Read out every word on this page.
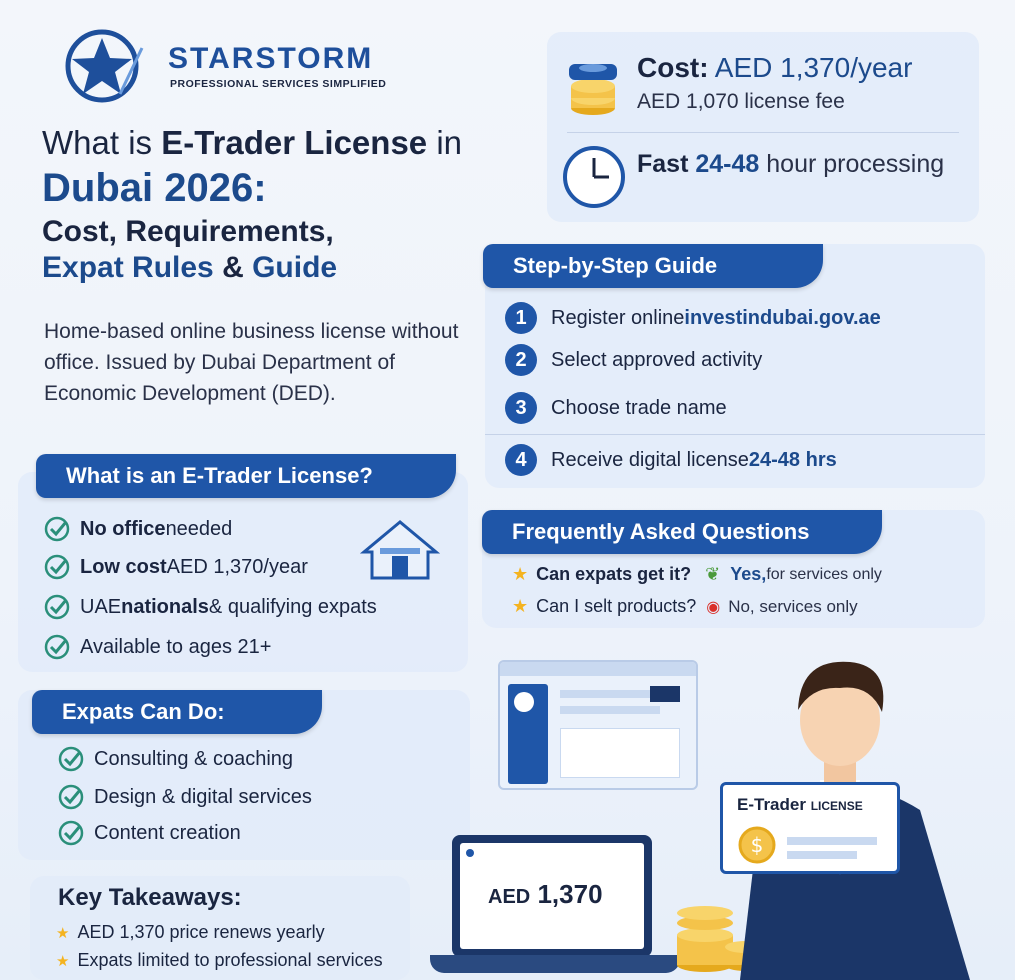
STARSTORM
PROFESSIONAL SERVICES SIMPLIFIED
What is E-Trader License in
Dubai 2026:
Cost, Requirements,
Expat Rules & Guide
Home-based online business license without office. Issued by Dubai Department of Economic Development (DED).
Cost: AED 1,370/year
AED 1,070 license fee
Fast 24-48 hour processing
Step-by-Step Guide
1	Register online investindubai.gov.ae
2	Select approved activity
3	Choose trade name
4	Receive digital license 24-48 hrs
What is an E-Trader License?
No office needed
Low cost AED 1,370/year
UAE nationals & qualifying expats
Available to ages 21+
Frequently Asked Questions
★ Can expats get it? ❦ Yes, for services only
★ Can I selt products? ◉ No, services only
Expats Can Do:
Consulting & coaching
Design & digital services
Content creation
Key Takeaways:
★ AED 1,370 price renews yearly
★ Expats limited to professional services
AED 1,370
E-Trader LICENSE
$
